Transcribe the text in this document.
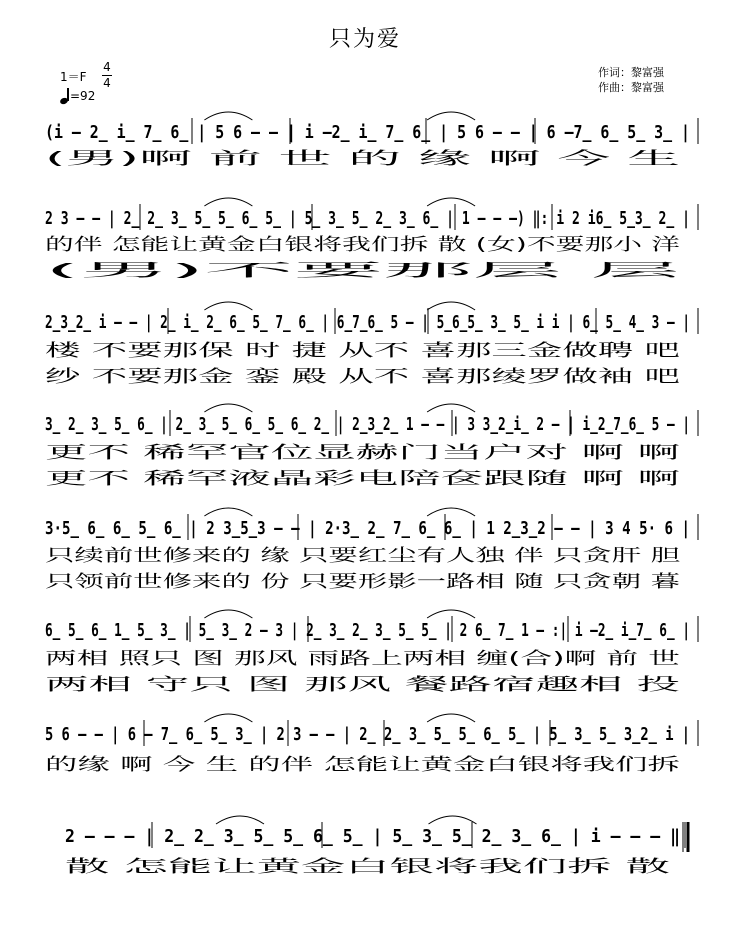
只为爱
作词：黎富强
作曲：黎富强
1＝F
4
4
=92
(i – 2̲ i̲ 7̲ 6̲ | 5 6 – – | i –2̲ i̲ 7̲ 6̲ | 5 6 – – | 6 –7̲ 6̲ 5̲ 3̲ |
(男)啊 前 世 的 缘 啊 今 生
2 3 – – | 2̲ 2̲ 3̲ 5̲ 5̲ 6̲ 5̲ | 5̲ 3̲ 5̲ 2̲ 3̲ 6̲ | 1 – – –) ‖: i 2 i6̲ 5̲3̲ 2̲ |
的伴 怎能让黄金白银将我们拆 散 (女)不要那小 洋
(男)不要那层 层
2̲3̲2̲ i – – | 2̲ i̲ 2̲ 6̲ 5̲ 7̲ 6̲ | 6̲7̲6̲ 5 – | 5̲6̲5̲ 3̲ 5̲ i i | 6̲ 5̲ 4̲ 3 – |
楼 不要那保 时 捷 从不 喜那三金做聘 吧
纱 不要那金 銮 殿 从不 喜那绫罗做袖 吧
3̲ 2̲ 3̲ 5̲ 6̲ | 2̲ 3̲ 5̲ 6̲ 5̲ 6̲ 2̲ | 2̲3̲2̲ 1 – – | 3 3̲2̲i̲ 2 – | i̲2̲7̲6̲ 5 – |
更不 稀罕官位显赫门当户对 啊 啊
更不 稀罕液晶彩电陪奁跟随 啊 啊
3·5̲ 6̲ 6̲ 5̲ 6̲ | 2 3̲5̲3 – – | 2·3̲ 2̲ 7̲ 6̲ 6̲ | 1 2̲3̲2 – – | 3 4 5· 6 |
只续前世修来的 缘 只要红尘有人独 伴 只贪肝 胆
只领前世修来的 份 只要形影一路相 随 只贪朝 暮
6̲ 5̲ 6̲ 1̲ 5̲ 3̲ | 5̲ 3̲ 2 – 3 | 2̲ 3̲ 2̲ 3̲ 5̲ 5̲ | 2 6̲ 7̲ 1 – :| i –2̲ i̲7̲ 6̲ |
两相 照只 图 那风 雨路上两相 缠(合)啊 前 世
两相 守只 图 那风 餐路宿趣相 投
5 6 – – | 6 – 7̲ 6̲ 5̲ 3̲ | 2 3 – – | 2̲ 2̲ 3̲ 5̲ 5̲ 6̲ 5̲ | 5̲ 3̲ 5̲ 3̲2̲ i |
的缘 啊 今 生 的伴 怎能让黄金白银将我们拆
2 – – – | 2̲ 2̲ 3̲ 5̲ 5̲ 6̲ 5̲ | 5̲ 3̲ 5̲ 2̲ 3̲ 6̲ | i – – – ‖
散 怎能让黄金白银将我们拆 散
